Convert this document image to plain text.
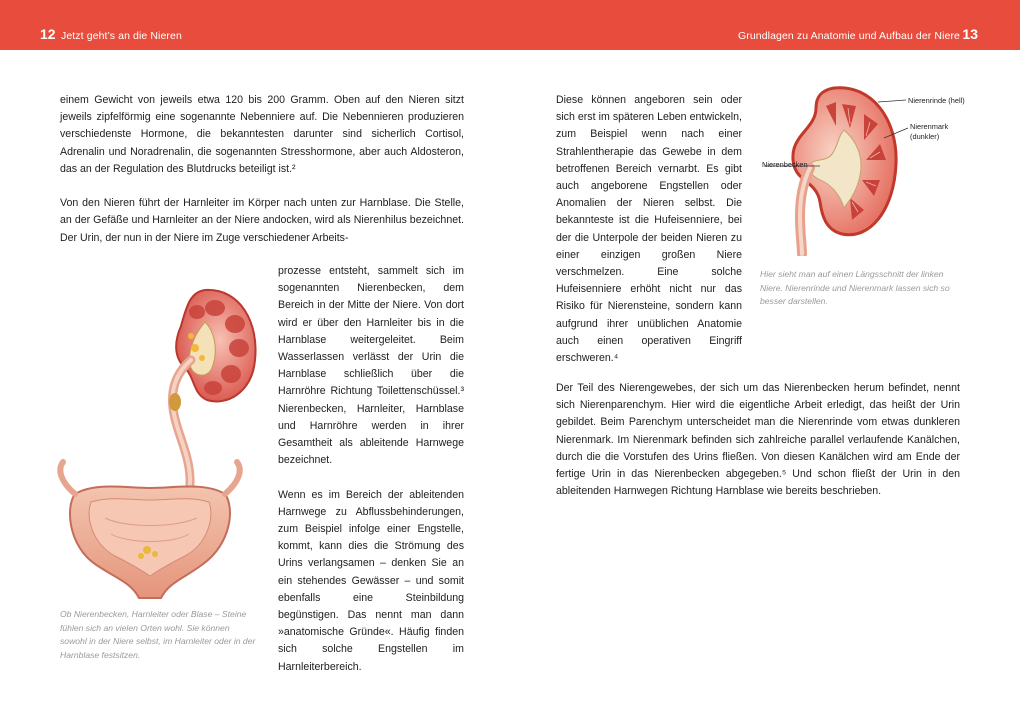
12 Jetzt geht’s an die Nieren	Grundlagen zu Anatomie und Aufbau der Niere 13

einem Gewicht von jeweils etwa 120 bis 200 Gramm. Oben auf den Nieren sitzt jeweils zipfelförmig eine sogenannte Nebenniere auf. Die Nebennieren produzieren verschiedenste Hormone, die bekanntesten darunter sind sicherlich Cortisol, Adrenalin und Noradrenalin, die sogenannten Stresshormone, aber auch Aldosteron, das an der Regulation des Blutdrucks beteiligt ist.²

Von den Nieren führt der Harnleiter im Körper nach unten zur Harnblase. Die Stelle, an der Gefäße und Harnleiter an der Niere andocken, wird als Nierenhilus bezeichnet. Der Urin, der nun in der Niere im Zuge verschiedener Arbeits-

prozesse entsteht, sammelt sich im sogenannten Nierenbecken, dem Bereich in der Mitte der Niere. Von dort wird er über den Harnleiter bis in die Harnblase weitergeleitet. Beim Wasserlassen verlässt der Urin die Harnblase schließlich über die Harnröhre Richtung Toilettenschüssel.³ Nierenbecken, Harnleiter, Harnblase und Harnröhre werden in ihrer Gesamtheit als ableitende Harnwege bezeichnet.

Wenn es im Bereich der ableitenden Harnwege zu Abflussbehinderungen, zum Beispiel infolge einer Engstelle, kommt, kann dies die Strömung des Urins verlangsamen – denken Sie an ein stehendes Gewässer – und somit ebenfalls eine Steinbildung begünstigen. Das nennt man dann »anatomische Gründe«. Häufig finden sich solche Engstellen im Harnleiterbereich.

Ob Nierenbecken, Harnleiter oder Blase – Steine fühlen sich an vielen Orten wohl. Sie können sowohl in der Niere selbst, im Harnleiter oder in der Harnblase festsitzen.

Diese können angeboren sein oder sich erst im späteren Leben entwickeln, zum Beispiel wenn nach einer Strahlentherapie das Gewebe in dem betroffenen Bereich vernarbt. Es gibt auch angeborene Engstellen oder Anomalien der Nieren selbst. Die bekannteste ist die Hufeisenniere, bei der die Unterpole der beiden Nieren zu einer einzigen großen Niere verschmelzen. Eine solche Hufeisenniere erhöht nicht nur das Risiko für Nierensteine, sondern kann aufgrund ihrer unüblichen Anatomie auch einen operativen Eingriff erschweren.⁴

Der Teil des Nierengewebes, der sich um das Nierenbecken herum befindet, nennt sich Nierenparenchym. Hier wird die eigentliche Arbeit erledigt, das heißt der Urin gebildet. Beim Parenchym unterscheidet man die Nierenrinde vom etwas dunkleren Nierenmark. Im Nierenmark befinden sich zahlreiche parallel verlaufende Kanälchen, durch die die Vorstufen des Urins fließen. Von diesen Kanälchen wird am Ende der fertige Urin in das Nierenbecken abgegeben.⁵ Und schon fließt der Urin in den ableitenden Harnwegen Richtung Harnblase wie bereits beschrieben.

Nierenrinde (hell)
Nierenmark
(dunkler)
Nierenbecken
Hier sieht man auf einen Längsschnitt der linken Niere. Nierenrinde und Nierenmark lassen sich so besser darstellen.
